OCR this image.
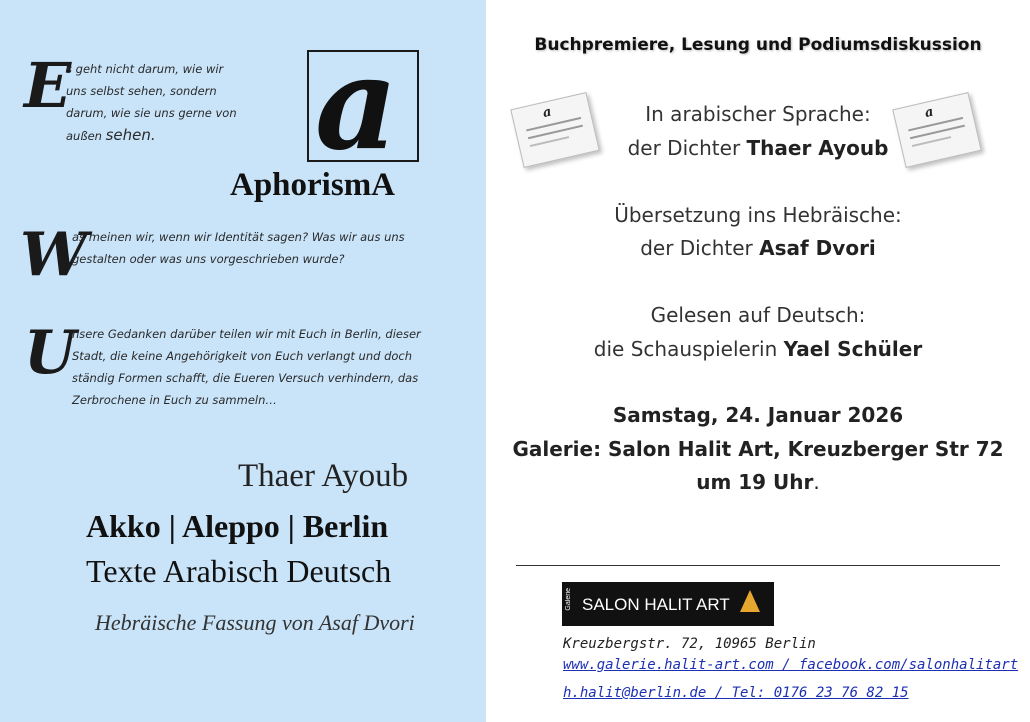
E
s geht nicht darum, wie wir
uns selbst sehen, sondern
darum, wie sie uns gerne von
außen sehen.	a
AphorismA
W
as meinen wir, wenn wir Identität sagen? Was wir aus uns
gestalten oder was uns vorgeschrieben wurde?
U
nsere Gedanken darüber teilen wir mit Euch in Berlin, dieser
Stadt, die keine Angehörigkeit von Euch verlangt und doch
ständig Formen schafft, die Eueren Versuch verhindern, das
Zerbrochene in Euch zu sammeln…
Thaer Ayoub
Akko | Aleppo | Berlin
Texte Arabisch Deutsch
Hebräische Fassung von Asaf Dvori
Buchpremiere, Lesung und Podiumsdiskussion
a	a
In arabischer Sprache:
der Dichter Thaer Ayoub
Übersetzung ins Hebräische:
der Dichter Asaf Dvori
Gelesen auf Deutsch:
die Schauspielerin Yael Schüler
Samstag, 24. Januar 2026
Galerie: Salon Halit Art, Kreuzberger Str 72
um 19 Uhr.
Galerie SALON HALIT ART
Kreuzbergstr. 72, 10965 Berlin
www.galerie.halit-art.com / facebook.com/salonhalitart
h.halit@berlin.de / Tel: 0176 23 76 82 15
